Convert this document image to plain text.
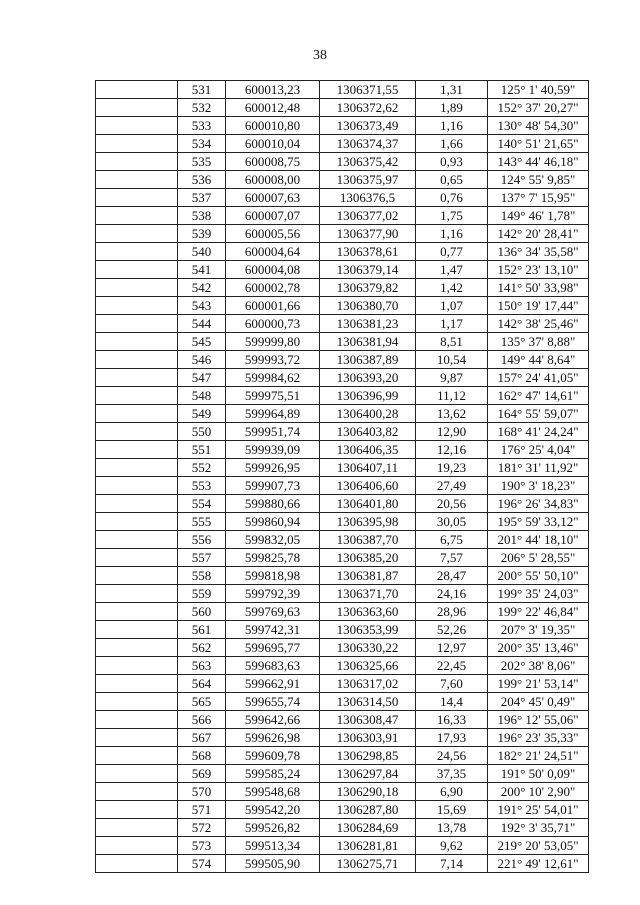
38
	531	600013,23	1306371,55	1,31	125° 1' 40,59"
	532	600012,48	1306372,62	1,89	152° 37' 20,27"
	533	600010,80	1306373,49	1,16	130° 48' 54,30"
	534	600010,04	1306374,37	1,66	140° 51' 21,65"
	535	600008,75	1306375,42	0,93	143° 44' 46,18"
	536	600008,00	1306375,97	0,65	124° 55' 9,85"
	537	600007,63	1306376,5	0,76	137° 7' 15,95"
	538	600007,07	1306377,02	1,75	149° 46' 1,78"
	539	600005,56	1306377,90	1,16	142° 20' 28,41"
	540	600004,64	1306378,61	0,77	136° 34' 35,58"
	541	600004,08	1306379,14	1,47	152° 23' 13,10"
	542	600002,78	1306379,82	1,42	141° 50' 33,98"
	543	600001,66	1306380,70	1,07	150° 19' 17,44"
	544	600000,73	1306381,23	1,17	142° 38' 25,46"
	545	599999,80	1306381,94	8,51	135° 37' 8,88"
	546	599993,72	1306387,89	10,54	149° 44' 8,64"
	547	599984,62	1306393,20	9,87	157° 24' 41,05"
	548	599975,51	1306396,99	11,12	162° 47' 14,61"
	549	599964,89	1306400,28	13,62	164° 55' 59,07"
	550	599951,74	1306403,82	12,90	168° 41' 24,24"
	551	599939,09	1306406,35	12,16	176° 25' 4,04"
	552	599926,95	1306407,11	19,23	181° 31' 11,92"
	553	599907,73	1306406,60	27,49	190° 3' 18,23"
	554	599880,66	1306401,80	20,56	196° 26' 34,83"
	555	599860,94	1306395,98	30,05	195° 59' 33,12"
	556	599832,05	1306387,70	6,75	201° 44' 18,10"
	557	599825,78	1306385,20	7,57	206° 5' 28,55"
	558	599818,98	1306381,87	28,47	200° 55' 50,10"
	559	599792,39	1306371,70	24,16	199° 35' 24,03"
	560	599769,63	1306363,60	28,96	199° 22' 46,84"
	561	599742,31	1306353,99	52,26	207° 3' 19,35"
	562	599695,77	1306330,22	12,97	200° 35' 13,46"
	563	599683,63	1306325,66	22,45	202° 38' 8,06"
	564	599662,91	1306317,02	7,60	199° 21' 53,14"
	565	599655,74	1306314,50	14,4	204° 45' 0,49"
	566	599642,66	1306308,47	16,33	196° 12' 55,06"
	567	599626,98	1306303,91	17,93	196° 23' 35,33"
	568	599609,78	1306298,85	24,56	182° 21' 24,51"
	569	599585,24	1306297,84	37,35	191° 50' 0,09"
	570	599548,68	1306290,18	6,90	200° 10' 2,90"
	571	599542,20	1306287,80	15,69	191° 25' 54,01"
	572	599526,82	1306284,69	13,78	192° 3' 35,71"
	573	599513,34	1306281,81	9,62	219° 20' 53,05"
	574	599505,90	1306275,71	7,14	221° 49' 12,61"
